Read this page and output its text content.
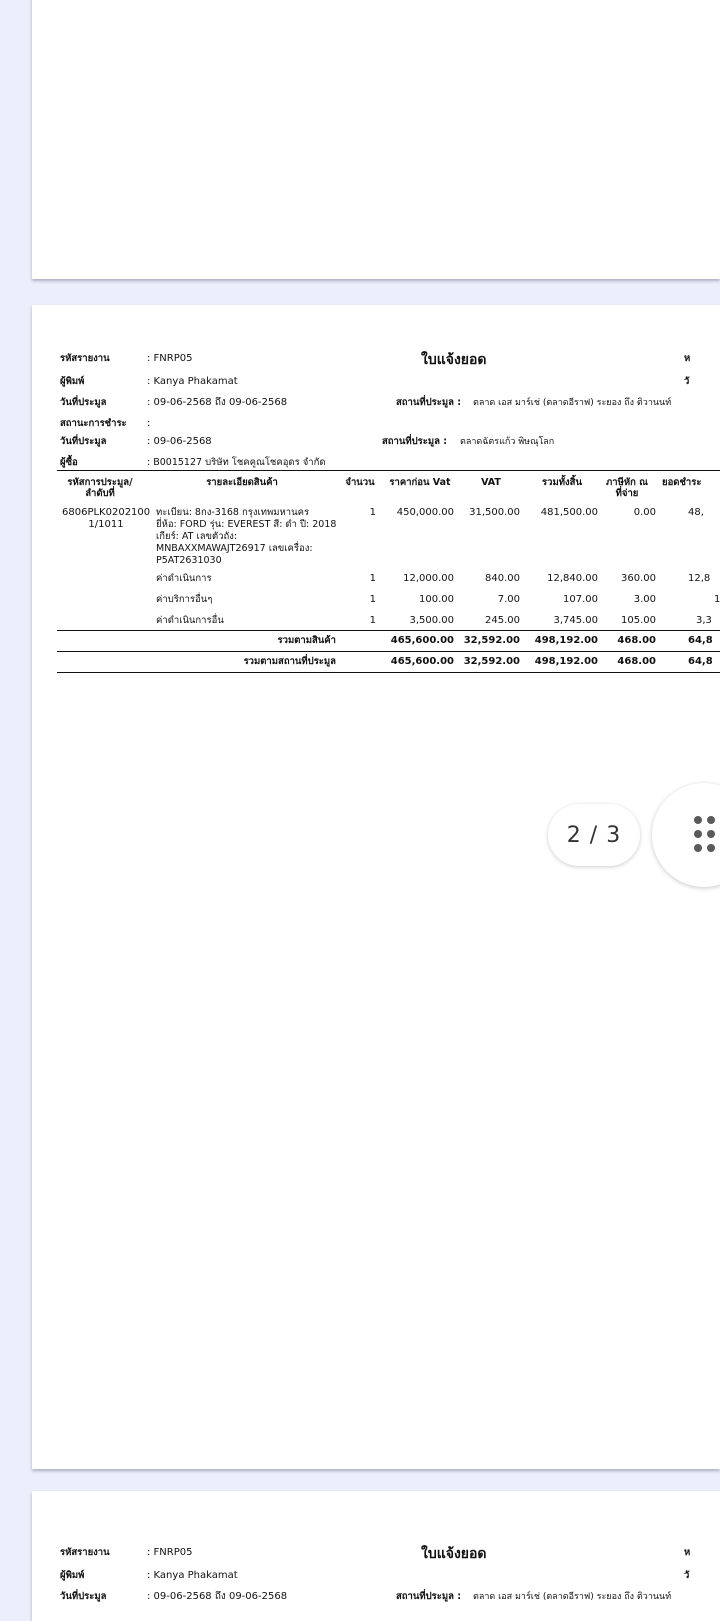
รหัสรายงาน	: FNRP05	ใบแจ้งยอด	ห
ผู้พิมพ์	: Kanya Phakamat	วั
วันที่ประมูล	: 09-06-2568 ถึง 09-06-2568	สถานที่ประมูล : ตลาด เอส มาร์เช่ (ตลาดอีราฟ) ระยอง ถึง ติวานนท์
สถานะการชำระ :
วันที่ประมูล	: 09-06-2568	สถานที่ประมูล : ตลาดฉัตรแก้ว พิษณุโลก
ผู้ซื้อ	: B0015127 บริษัท โชคคูณโชคอุดร จำกัด
รหัสการประมูล/
ลำดับที่
รายละเอียดสินค้า	จำนวน	ราคาก่อน Vat	VAT	รวมทั้งสิ้น	ภาษีหัก ณ
ที่จ่าย
ยอดชำระ
6806PLK0202100
1/1011
ทะเบียน: 8กง-3168 กรุงเทพมหานคร
ยี่ห้อ: FORD รุ่น: EVEREST สี: ดำ ปี: 2018
เกียร์: AT เลขตัวถัง:
MNBAXXMAWAJT26917 เลขเครื่อง:
P5AT2631030
1	450,000.00	31,500.00	481,500.00	0.00	48,
ค่าดำเนินการ	1	12,000.00	840.00	12,840.00	360.00	12,8
ค่าบริการอื่นๆ	1	100.00	7.00	107.00	3.00	1
ค่าดำเนินการอื่น	1	3,500.00	245.00	3,745.00	105.00	3,3
รวมตามสินค้า	465,600.00 32,592.00	498,192.00	468.00	64,8
รวมตามสถานที่ประมูล	465,600.00 32,592.00	498,192.00	468.00	64,8
รหัสรายงาน	: FNRP05	ใบแจ้งยอด	ห
ผู้พิมพ์	: Kanya Phakamat	วั
วันที่ประมูล	: 09-06-2568 ถึง 09-06-2568	สถานที่ประมูล : ตลาด เอส มาร์เช่ (ตลาดอีราฟ) ระยอง ถึง ติวานนท์
2 / 3
